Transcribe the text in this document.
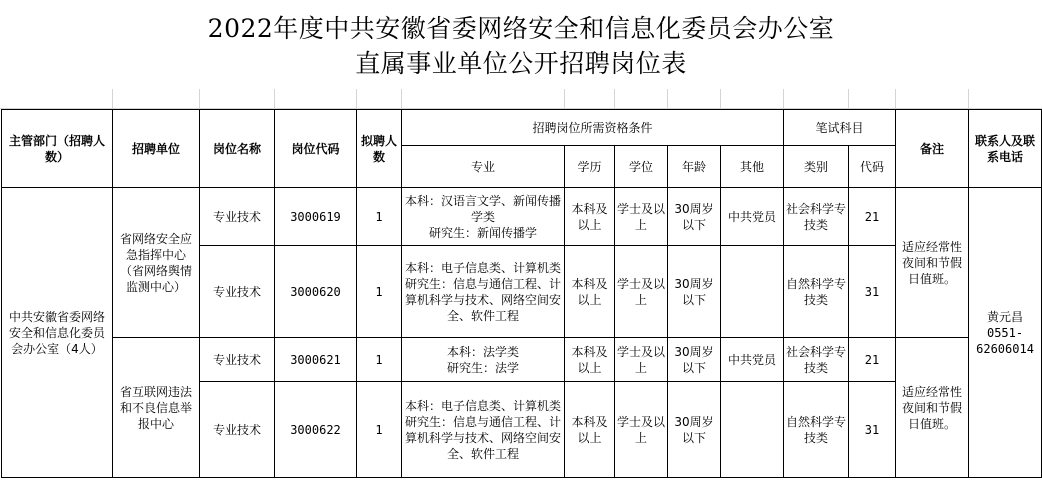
2022年度中共安徽省委网络安全和信息化委员会办公室
直属事业单位公开招聘岗位表
主管部门（招聘人数）	招聘单位	岗位名称	岗位代码	拟聘人数	招聘岗位所需资格条件					笔试科目		备注	联系人及联系电话
					专业	学历	学位	年龄	其他	类别	代码		
中共安徽省委网络安全和信息化委员会办公室（4人）	省网络安全应急指挥中心（省网络舆情监测中心）	专业技术	3000619	1	本科：汉语言文学、新闻传播学类
研究生：新闻传播学	本科及以上	学士及以上	30周岁以下	中共党员	社会科学专技类	21	适应经常性夜间和节假日值班。	黄元昌
0551-
62606014
		专业技术	3000620	1	本科：电子信息类、计算机类
研究生：信息与通信工程、计算机科学与技术、网络空间安全、软件工程	本科及以上	学士及以上	30周岁以下		自然科学专技类	31		
	省互联网违法和不良信息举报中心	专业技术	3000621	1	本科：法学类
研究生：法学	本科及以上	学士及以上	30周岁以下	中共党员	社会科学专技类	21	适应经常性夜间和节假日值班。	
		专业技术	3000622	1	本科：电子信息类、计算机类
研究生：信息与通信工程、计算机科学与技术、网络空间安全、软件工程	本科及以上	学士及以上	30周岁以下		自然科学专技类	31		
